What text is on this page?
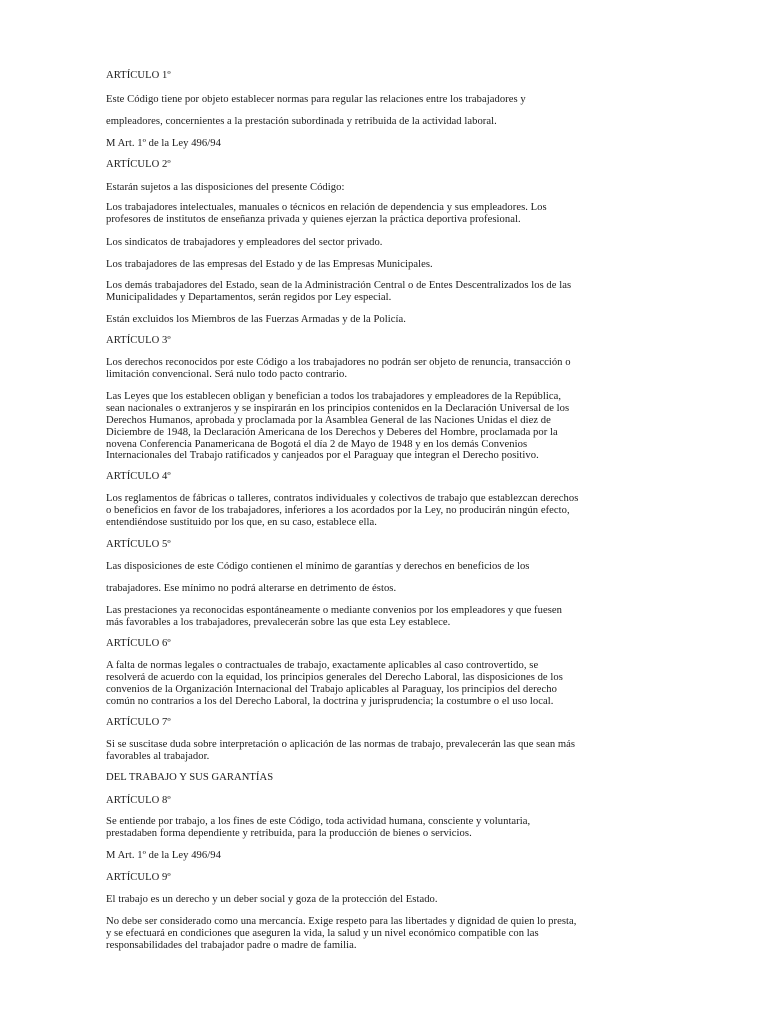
ARTÍCULO 1º
Este Código tiene por objeto establecer normas para regular las relaciones entre los trabajadores y
empleadores, concernientes a la prestación subordinada y retribuida de la actividad laboral.
M Art. 1º de la Ley 496/94
ARTÍCULO 2º
Estarán sujetos a las disposiciones del presente Código:
Los trabajadores intelectuales, manuales o técnicos en relación de dependencia y sus empleadores. Los
profesores de institutos de enseñanza privada y quienes ejerzan la práctica deportiva profesional.
Los sindicatos de trabajadores y empleadores del sector privado.
Los trabajadores de las empresas del Estado y de las Empresas Municipales.
Los demás trabajadores del Estado, sean de la Administración Central o de Entes Descentralizados los de las
Municipalidades y Departamentos, serán regidos por Ley especial.
Están excluidos los Miembros de las Fuerzas Armadas y de la Policía.
ARTÍCULO 3º
Los derechos reconocidos por este Código a los trabajadores no podrán ser objeto de renuncia, transacción o
limitación convencional. Será nulo todo pacto contrario.
Las Leyes que los establecen obligan y benefician a todos los trabajadores y empleadores de la República,
sean nacionales o extranjeros y se inspirarán en los principios contenidos en la Declaración Universal de los
Derechos Humanos, aprobada y proclamada por la Asamblea General de las Naciones Unidas el diez de
Diciembre de 1948, la Declaración Americana de los Derechos y Deberes del Hombre, proclamada por la
novena Conferencia Panamericana de Bogotá el día 2 de Mayo de 1948 y en los demás Convenios
Internacionales del Trabajo ratificados y canjeados por el Paraguay que integran el Derecho positivo.
ARTÍCULO 4º
Los reglamentos de fábricas o talleres, contratos individuales y colectivos de trabajo que establezcan derechos
o beneficios en favor de los trabajadores, inferiores a los acordados por la Ley, no producirán ningún efecto,
entendiéndose sustituido por los que, en su caso, establece ella.
ARTÍCULO 5º
Las disposiciones de este Código contienen el mínimo de garantías y derechos en beneficios de los
trabajadores. Ese mínimo no podrá alterarse en detrimento de éstos.
Las prestaciones ya reconocidas espontáneamente o mediante convenios por los empleadores y que fuesen
más favorables a los trabajadores, prevalecerán sobre las que esta Ley establece.
ARTÍCULO 6º
A falta de normas legales o contractuales de trabajo, exactamente aplicables al caso controvertido, se
resolverá de acuerdo con la equidad, los principios generales del Derecho Laboral, las disposiciones de los
convenios de la Organización Internacional del Trabajo aplicables al Paraguay, los principios del derecho
común no contrarios a los del Derecho Laboral, la doctrina y jurisprudencia; la costumbre o el uso local.
ARTÍCULO 7º
Si se suscitase duda sobre interpretación o aplicación de las normas de trabajo, prevalecerán las que sean más
favorables al trabajador.
DEL TRABAJO Y SUS GARANTÍAS
ARTÍCULO 8º
Se entiende por trabajo, a los fines de este Código, toda actividad humana, consciente y voluntaria,
prestadaben forma dependiente y retribuida, para la producción de bienes o servicios.
M Art. 1º de la Ley 496/94
ARTÍCULO 9º
El trabajo es un derecho y un deber social y goza de la protección del Estado.
No debe ser considerado como una mercancía. Exige respeto para las libertades y dignidad de quien lo presta,
y se efectuará en condiciones que aseguren la vida, la salud y un nivel económico compatible con las
responsabilidades del trabajador padre o madre de familia.
